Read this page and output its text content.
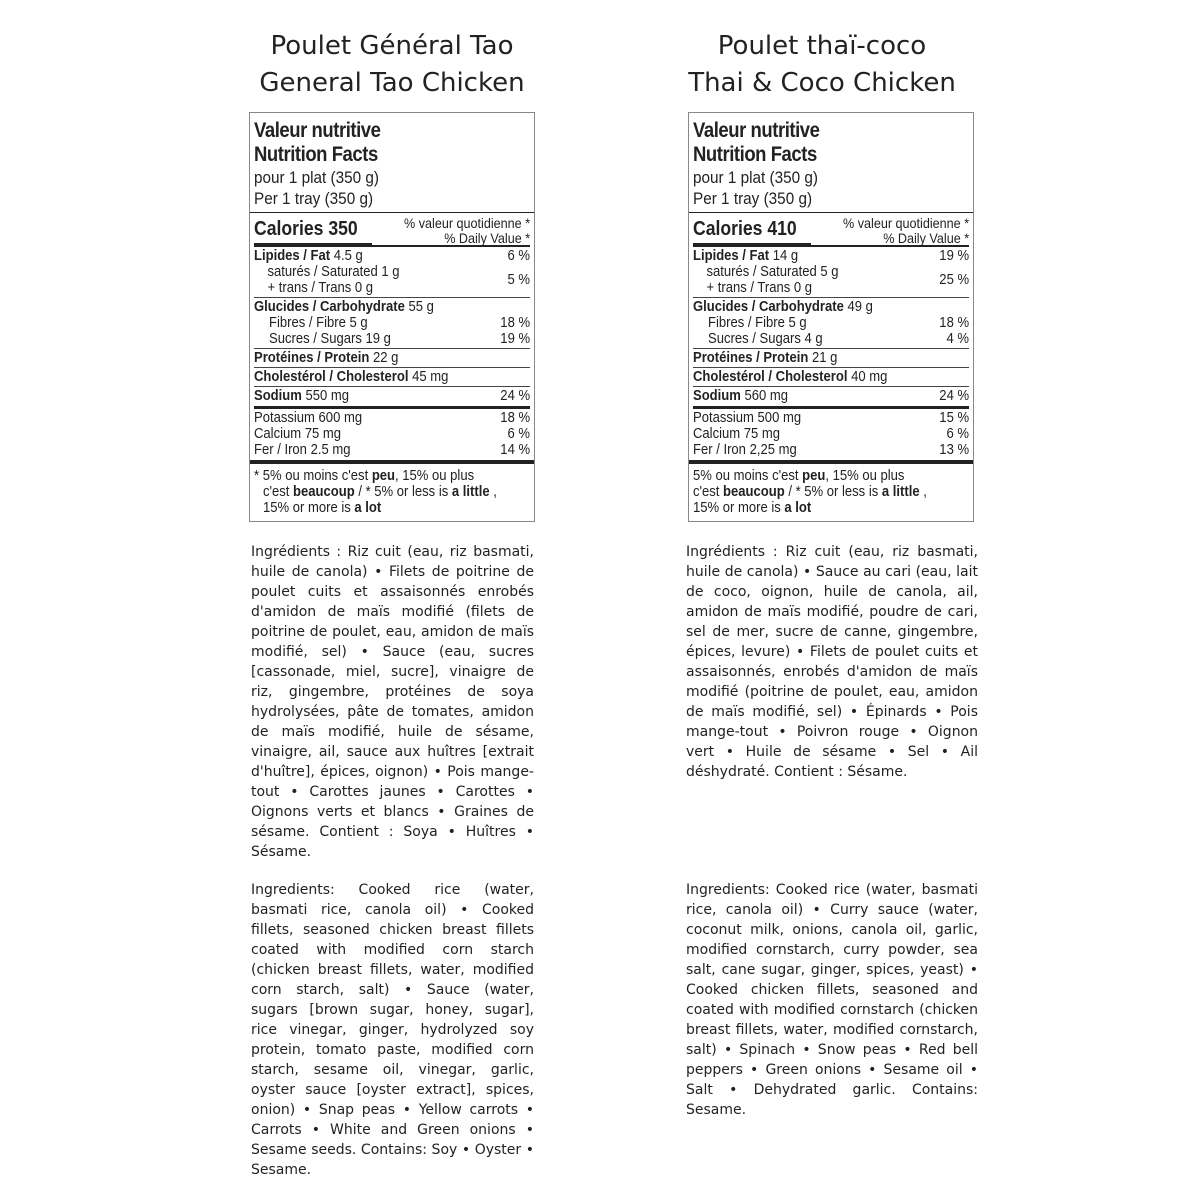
Poulet Général Tao
General Tao Chicken
Poulet thaï-coco
Thai & Coco Chicken
Valeur nutritive
Nutrition Facts
pour 1 plat (350 g)
Per 1 tray (350 g)
Calories 350	% valeur quotidienne *
% Daily Value *
Lipides / Fat 4.5 g	6 %
saturés / Saturated 1 g
+ trans / Trans 0 g	5 %
Glucides / Carbohydrate 55 g
Fibres / Fibre 5 g	18 %
Sucres / Sugars 19 g	19 %
Protéines / Protein 22 g
Cholestérol / Cholesterol 45 mg
Sodium 550 mg	24 %
Potassium 600 mg	18 %
Calcium 75 mg	6 %
Fer / Iron 2.5 mg	14 %
* 5% ou moins c'est peu, 15% ou plus
c'est beaucoup / * 5% or less is a little ,
15% or more is a lot
Valeur nutritive
Nutrition Facts
pour 1 plat (350 g)
Per 1 tray (350 g)
Calories 410	% valeur quotidienne *
% Daily Value *
Lipides / Fat 14 g	19 %
saturés / Saturated 5 g
+ trans / Trans 0 g	25 %
Glucides / Carbohydrate 49 g
Fibres / Fibre 5 g	18 %
Sucres / Sugars 4 g	4 %
Protéines / Protein 21 g
Cholestérol / Cholesterol 40 mg
Sodium 560 mg	24 %
Potassium 500 mg	15 %
Calcium 75 mg	6 %
Fer / Iron 2,25 mg	13 %
5% ou moins c'est peu, 15% ou plus
c'est beaucoup / * 5% or less is a little ,
15% or more is a lot
Ingrédients : Riz cuit (eau, riz basmati, huile de canola) • Filets de poitrine de poulet cuits et assaisonnés enrobés d'amidon de maïs modifié (filets de poitrine de poulet, eau, amidon de maïs modifié, sel) • Sauce (eau, sucres [cassonade, miel, sucre], vinaigre de riz, gingembre, protéines de soya hydrolysées, pâte de tomates, amidon de maïs modifié, huile de sésame, vinaigre, ail, sauce aux huîtres [extrait d'huître], épices, oignon) • Pois mange-tout • Carottes jaunes • Carottes • Oignons verts et blancs • Graines de sésame. Contient : Soya • Huîtres • Sésame.
Ingredients: Cooked rice (water, basmati rice, canola oil) • Cooked fillets, seasoned chicken breast fillets coated with modified corn starch (chicken breast fillets, water, modified corn starch, salt) • Sauce (water, sugars [brown sugar, honey, sugar], rice vinegar, ginger, hydrolyzed soy protein, tomato paste, modified corn starch, sesame oil, vinegar, garlic, oyster sauce [oyster extract], spices, onion) • Snap peas • Yellow carrots • Carrots • White and Green onions • Sesame seeds. Contains: Soy • Oyster • Sesame.
Ingrédients : Riz cuit (eau, riz basmati, huile de canola) • Sauce au cari (eau, lait de coco, oignon, huile de canola, ail, amidon de maïs modifié, poudre de cari, sel de mer, sucre de canne, gingembre, épices, levure) • Filets de poulet cuits et assaisonnés, enrobés d'amidon de maïs modifié (poitrine de poulet, eau, amidon de maïs modifié, sel) • Épinards • Pois mange-tout • Poivron rouge • Oignon vert • Huile de sésame • Sel • Ail déshydraté. Contient : Sésame.
Ingredients: Cooked rice (water, basmati rice, canola oil) • Curry sauce (water, coconut milk, onions, canola oil, garlic, modified cornstarch, curry powder, sea salt, cane sugar, ginger, spices, yeast) • Cooked chicken fillets, seasoned and coated with modified cornstarch (chicken breast fillets, water, modified cornstarch, salt) • Spinach • Snow peas • Red bell peppers • Green onions • Sesame oil • Salt • Dehydrated garlic. Contains: Sesame.
